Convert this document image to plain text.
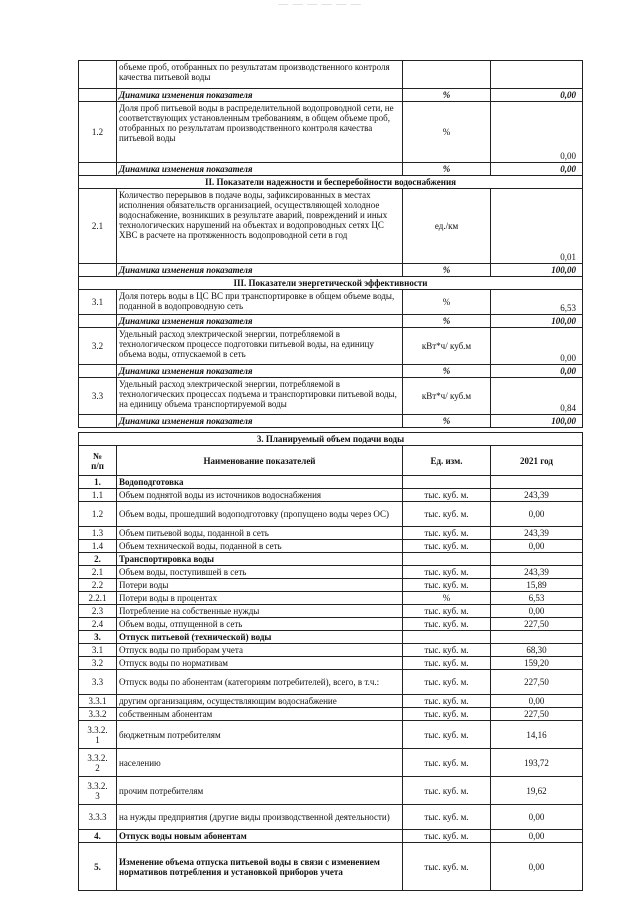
— — — — — —
	объеме проб, отобранных по результатам производственного контроля качества питьевой воды		
	Динамика изменения показателя	%	0,00
1.2	Доля проб питьевой воды в распределительной водопроводной сети, не соответствующих установленным требованиям, в общем объеме проб, отобранных по результатам производственного контроля качества питьевой воды	%	0,00
	Динамика изменения показателя	%	0,00
II. Показатели надежности и бесперебойности водоснабжения			
2.1	Количество перерывов в подаче воды, зафиксированных в местах исполнения обязательств организацией, осуществляющей холодное водоснабжение, возникших в результате аварий, повреждений и иных технологических нарушений на объектах и водопроводных сетях ЦС ХВС в расчете на протяженность водопроводной сети в год	ед./км	0,01
	Динамика изменения показателя	%	100,00
III. Показатели энергетической эффективности			
3.1	Доля потерь воды в ЦС ВС при транспортировке в общем объеме воды, поданной в водопроводную сеть	%	6,53
	Динамика изменения показателя	%	100,00
3.2	Удельный расход электрической энергии, потребляемой в технологическом процессе подготовки питьевой воды, на единицу объема воды, отпускаемой в сеть	кВт*ч/ куб.м	0,00
	Динамика изменения показателя	%	0,00
3.3	Удельный расход электрической энергии, потребляемой в технологических процессах подъема и транспортировки питьевой воды, на единицу объема транспортируемой воды	кВт*ч/ куб.м	0,84
	Динамика изменения показателя	%	100,00
3. Планируемый объем подачи воды			
№
п/п	Наименование показателей	Ед. изм.	2021 год
1.	Водоподготовка		
1.1	Объем поднятой воды из источников водоснабжения	тыс. куб. м.	243,39
1.2	Объем воды, прошедший водоподготовку (пропущено воды через ОС)	тыс. куб. м.	0,00
1.3	Объем питьевой воды, поданной в сеть	тыс. куб. м.	243,39
1.4	Объем технической воды, поданной в сеть	тыс. куб. м.	0,00
2.	Транспортировка воды		
2.1	Объем воды, поступившей в сеть	тыс. куб. м.	243,39
2.2	Потери воды	тыс. куб. м.	15,89
2.2.1	Потери воды в процентах	%	6,53
2.3	Потребление на собственные нужды	тыс. куб. м.	0,00
2.4	Объем воды, отпущенной в сеть	тыс. куб. м.	227,50
3.	Отпуск питьевой (технической) воды		
3.1	Отпуск воды по приборам учета	тыс. куб. м.	68,30
3.2	Отпуск воды по нормативам	тыс. куб. м.	159,20
3.3	Отпуск воды по абонентам (категориям потребителей), всего, в т.ч.:	тыс. куб. м.	227,50
3.3.1	другим организациям, осуществляющим водоснабжение	тыс. куб. м.	0,00
3.3.2	собственным абонентам	тыс. куб. м.	227,50
3.3.2.
1	бюджетным потребителям	тыс. куб. м.	14,16
3.3.2.
2	населению	тыс. куб. м.	193,72
3.3.2.
3	прочим потребителям	тыс. куб. м.	19,62
3.3.3	на нужды предприятия (другие виды производственной деятельности)	тыс. куб. м.	0,00
4.	Отпуск воды новым абонентам	тыс. куб. м.	0,00
5.	Изменение объема отпуска питьевой воды в связи с изменением нормативов потребления и установкой приборов учета	тыс. куб. м.	0,00
